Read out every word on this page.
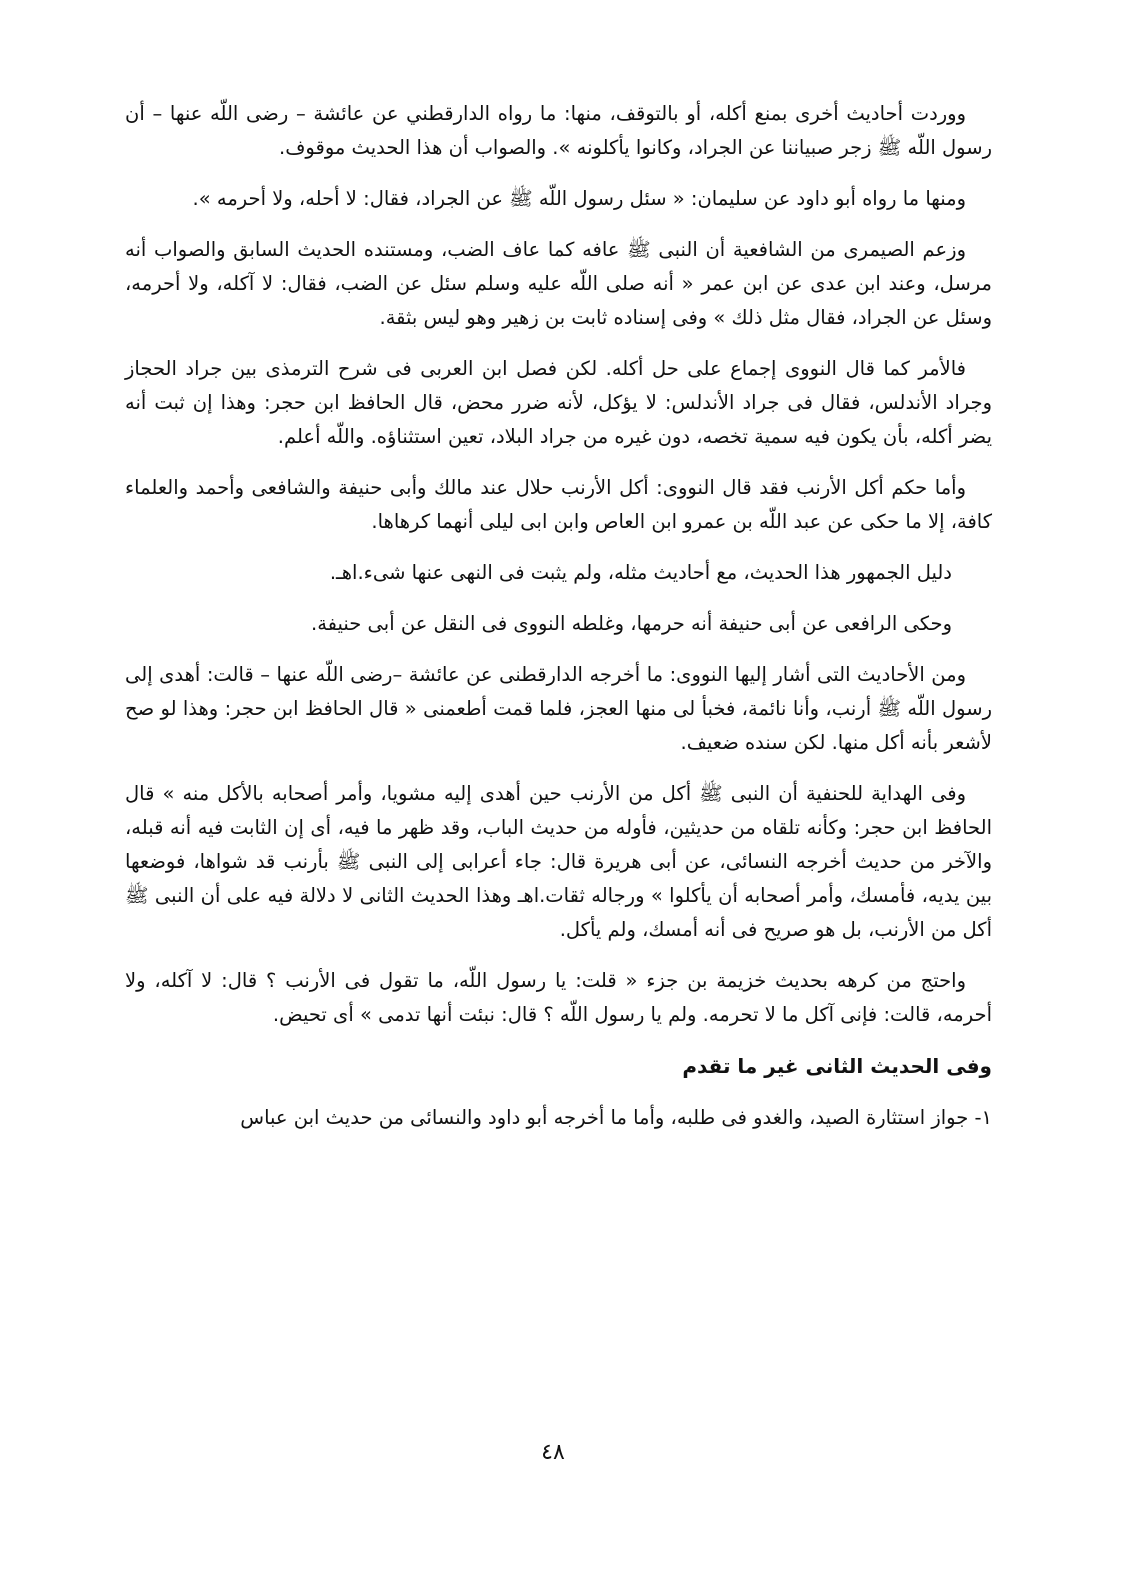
ووردت أحاديث أخرى بمنع أكله، أو بالتوقف، منها: ما رواه الدارقطني عن عائشة – رضى اللّه عنها – أن رسول اللّه ﷺ زجر صبياننا عن الجراد، وكانوا يأكلونه ». والصواب أن هذا الحديث موقوف.

ومنها ما رواه أبو داود عن سليمان: « سئل رسول اللّه ﷺ عن الجراد، فقال: لا أحله، ولا أحرمه ».

وزعم الصيمرى من الشافعية أن النبى ﷺ عافه كما عاف الضب، ومستنده الحديث السابق والصواب أنه مرسل، وعند ابن عدى عن ابن عمر « أنه صلى اللّه عليه وسلم سئل عن الضب، فقال: لا آكله، ولا أحرمه، وسئل عن الجراد، فقال مثل ذلك » وفى إسناده ثابت بن زهير وهو ليس بثقة.

فالأمر كما قال النووى إجماع على حل أكله. لكن فصل ابن العربى فى شرح الترمذى بين جراد الحجاز وجراد الأندلس، فقال فى جراد الأندلس: لا يؤكل، لأنه ضرر محض، قال الحافظ ابن حجر: وهذا إن ثبت أنه يضر أكله، بأن يكون فيه سمية تخصه، دون غيره من جراد البلاد، تعين استثناؤه. واللّه أعلم.

وأما حكم أكل الأرنب فقد قال النووى: أكل الأرنب حلال عند مالك وأبى حنيفة والشافعى وأحمد والعلماء كافة، إلا ما حكى عن عبد اللّه بن عمرو ابن العاص وابن ابى ليلى أنهما كرهاها.

دليل الجمهور هذا الحديث، مع أحاديث مثله، ولم يثبت فى النهى عنها شىء.اهـ.

وحكى الرافعى عن أبى حنيفة أنه حرمها، وغلطه النووى فى النقل عن أبى حنيفة.

ومن الأحاديث التى أشار إليها النووى: ما أخرجه الدارقطنى عن عائشة –رضى اللّه عنها – قالت: أهدى إلى رسول اللّه ﷺ أرنب، وأنا نائمة، فخبأ لى منها العجز، فلما قمت أطعمنى « قال الحافظ ابن حجر: وهذا لو صح لأشعر بأنه أكل منها. لكن سنده ضعيف.

وفى الهداية للحنفية أن النبى ﷺ أكل من الأرنب حين أهدى إليه مشويا، وأمر أصحابه بالأكل منه » قال الحافظ ابن حجر: وكأنه تلقاه من حديثين، فأوله من حديث الباب، وقد ظهر ما فيه، أى إن الثابت فيه أنه قبله، والآخر من حديث أخرجه النسائى، عن أبى هريرة قال: جاء أعرابى إلى النبى ﷺ بأرنب قد شواها، فوضعها بين يديه، فأمسك، وأمر أصحابه أن يأكلوا » ورجاله ثقات.اهـ وهذا الحديث الثانى لا دلالة فيه على أن النبى ﷺ أكل من الأرنب، بل هو صريح فى أنه أمسك، ولم يأكل.

واحتج من كرهه بحديث خزيمة بن جزء « قلت: يا رسول اللّه، ما تقول فى الأرنب ؟ قال: لا آكله، ولا أحرمه، قالت: فإنى آكل ما لا تحرمه. ولم يا رسول اللّه ؟ قال: نبئت أنها تدمى » أى تحيض.

وفى الحديث الثانى غير ما تقدم

١- جواز استثارة الصيد، والغدو فى طلبه، وأما ما أخرجه أبو داود والنسائى من حديث ابن عباس

٤٨
